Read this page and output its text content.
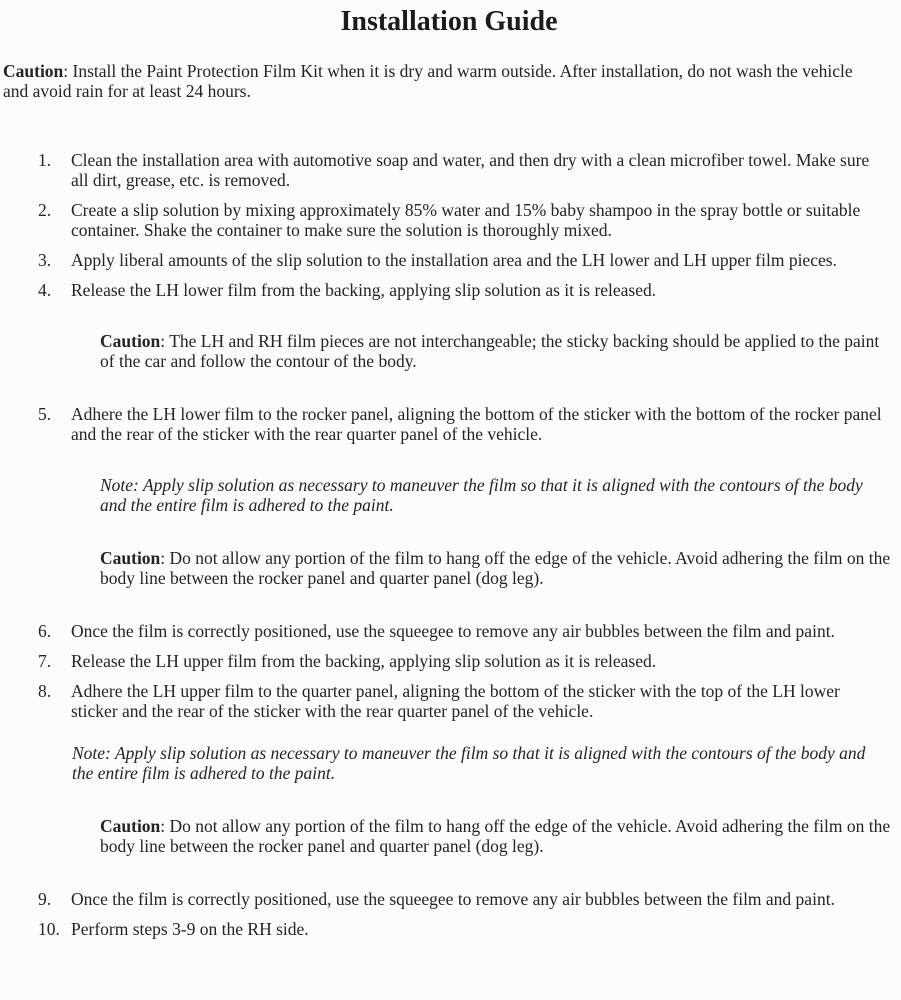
Installation Guide

Caution: Install the Paint Protection Film Kit when it is dry and warm outside. After installation, do not wash the vehicle and avoid rain for at least 24 hours.

1.	Clean the installation area with automotive soap and water, and then dry with a clean microfiber towel. Make sure all dirt, grease, etc. is removed.
2.	Create a slip solution by mixing approximately 85% water and 15% baby shampoo in the spray bottle or suitable container. Shake the container to make sure the solution is thoroughly mixed.
3.	Apply liberal amounts of the slip solution to the installation area and the LH lower and LH upper film pieces.
4.	Release the LH lower film from the backing, applying slip solution as it is released.

Caution: The LH and RH film pieces are not interchangeable; the sticky backing should be applied to the paint of the car and follow the contour of the body.

5.	Adhere the LH lower film to the rocker panel, aligning the bottom of the sticker with the bottom of the rocker panel and the rear of the sticker with the rear quarter panel of the vehicle.

Note: Apply slip solution as necessary to maneuver the film so that it is aligned with the contours of the body and the entire film is adhered to the paint.

Caution: Do not allow any portion of the film to hang off the edge of the vehicle. Avoid adhering the film on the body line between the rocker panel and quarter panel (dog leg).

6.	Once the film is correctly positioned, use the squeegee to remove any air bubbles between the film and paint.
7.	Release the LH upper film from the backing, applying slip solution as it is released.
8.	Adhere the LH upper film to the quarter panel, aligning the bottom of the sticker with the top of the LH lower sticker and the rear of the sticker with the rear quarter panel of the vehicle.

Note: Apply slip solution as necessary to maneuver the film so that it is aligned with the contours of the body and the entire film is adhered to the paint.

Caution: Do not allow any portion of the film to hang off the edge of the vehicle. Avoid adhering the film on the body line between the rocker panel and quarter panel (dog leg).

9.	Once the film is correctly positioned, use the squeegee to remove any air bubbles between the film and paint.
10. Perform steps 3-9 on the RH side.
